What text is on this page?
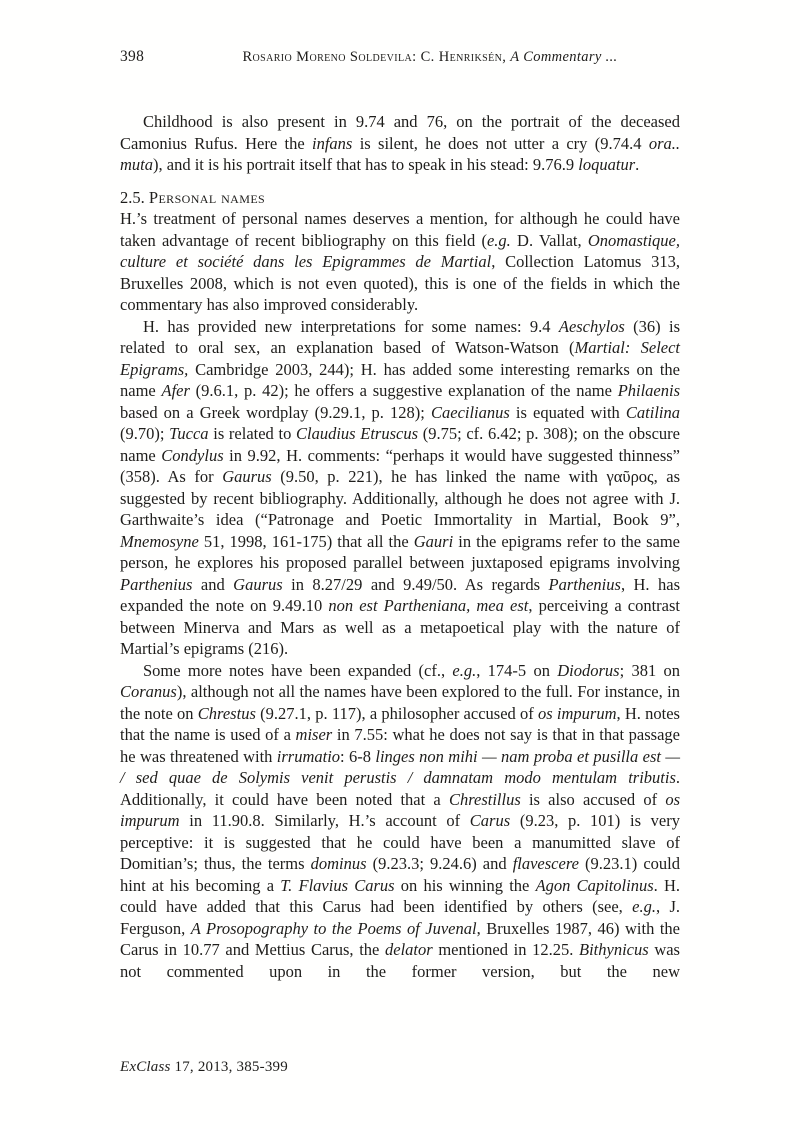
398	Rosario Moreno Soldevila: C. Henriksén, A Commentary ...

Childhood is also present in 9.74 and 76, on the portrait of the deceased Camonius Rufus. Here the infans is silent, he does not utter a cry (9.74.4 ora.. muta), and it is his portrait itself that has to speak in his stead: 9.76.9 loquatur.

2.5. Personal names

H.’s treatment of personal names deserves a mention, for although he could have taken advantage of recent bibliography on this field (e.g. D. Vallat, Onomastique, culture et société dans les Epigrammes de Martial, Collection Latomus 313, Bruxelles 2008, which is not even quoted), this is one of the fields in which the commentary has also improved considerably.

H. has provided new interpretations for some names: 9.4 Aeschylos (36) is related to oral sex, an explanation based of Watson-Watson (Martial: Select Epigrams, Cambridge 2003, 244); H. has added some interesting remarks on the name Afer (9.6.1, p. 42); he offers a suggestive explanation of the name Philaenis based on a Greek wordplay (9.29.1, p. 128); Caecilianus is equated with Catilina (9.70); Tucca is related to Claudius Etruscus (9.75; cf. 6.42; p. 308); on the obscure name Condylus in 9.92, H. comments: “perhaps it would have suggested thinness” (358). As for Gaurus (9.50, p. 221), he has linked the name with γαῦρος, as suggested by recent bibliography. Additionally, although he does not agree with J. Garthwaite’s idea (“Patronage and Poetic Immortality in Martial, Book 9”, Mnemosyne 51, 1998, 161-175) that all the Gauri in the epigrams refer to the same person, he explores his proposed parallel between juxtaposed epigrams involving Parthenius and Gaurus in 8.27/29 and 9.49/50. As regards Parthenius, H. has expanded the note on 9.49.10 non est Partheniana, mea est, perceiving a contrast between Minerva and Mars as well as a metapoetical play with the nature of Martial’s epigrams (216).

Some more notes have been expanded (cf., e.g., 174-5 on Diodorus; 381 on Coranus), although not all the names have been explored to the full. For instance, in the note on Chrestus (9.27.1, p. 117), a philosopher accused of os impurum, H. notes that the name is used of a miser in 7.55: what he does not say is that in that passage he was threatened with irrumatio: 6-8 linges non mihi — nam proba et pusilla est — / sed quae de Solymis venit perustis / damnatam modo mentulam tributis. Additionally, it could have been noted that a Chrestillus is also accused of os impurum in 11.90.8. Similarly, H.’s account of Carus (9.23, p. 101) is very perceptive: it is suggested that he could have been a manumitted slave of Domitian’s; thus, the terms dominus (9.23.3; 9.24.6) and flavescere (9.23.1) could hint at his becoming a T. Flavius Carus on his winning the Agon Capitolinus. H. could have added that this Carus had been identified by others (see, e.g., J. Ferguson, A Prosopography to the Poems of Juvenal, Bruxelles 1987, 46) with the Carus in 10.77 and Mettius Carus, the delator mentioned in 12.25. Bithynicus was not commented upon in the former version, but the new

ExClass 17, 2013, 385-399
